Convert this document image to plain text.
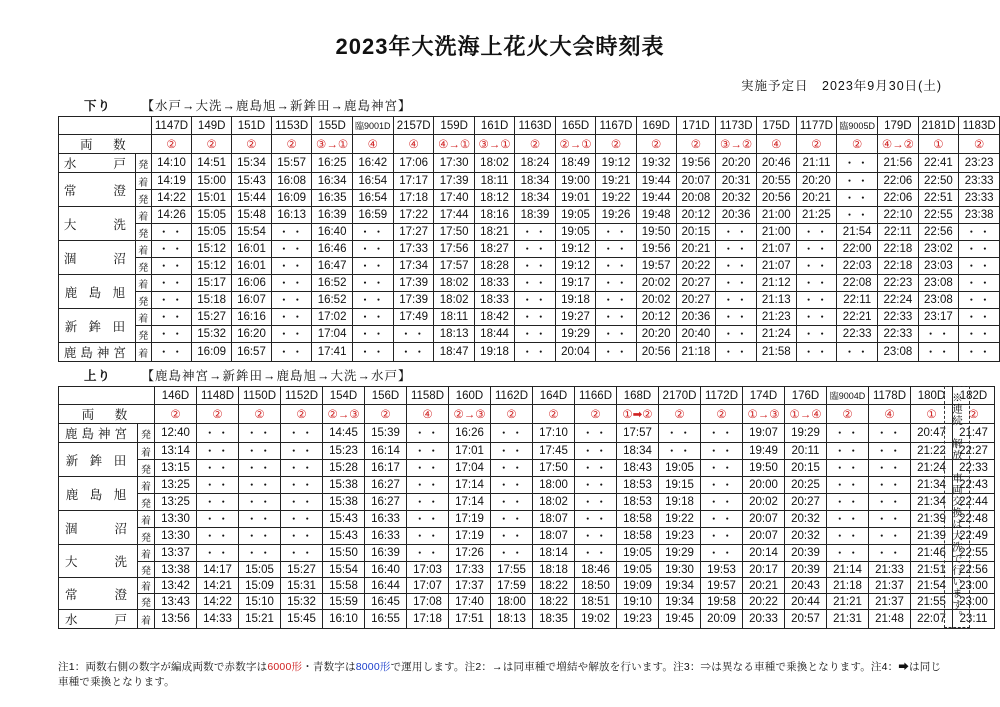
2023年大洗海上花火大会時刻表
実施予定日　2023年9月30日(土)
下り 【水戸→大洗→鹿島旭→新鉾田→鹿島神宮】
		1147D	149D	151D	1153D	155D	臨9001D	2157D	159D	161D	1163D	165D	1167D	169D	171D	1173D	175D	1177D	臨9005D	179D	2181D	1183D
両　数		②	②	②	②	③→①	④	④	④→①	③→①	②	②→①	②	②	②	③→②	④	②	②	④→②	①	②
水　　戸	発	14:10	14:51	15:34	15:57	16:25	16:42	17:06	17:30	18:02	18:24	18:49	19:12	19:32	19:56	20:20	20:46	21:11	・・	21:56	22:41	23:23
常　　澄	着	14:19	15:00	15:43	16:08	16:34	16:54	17:17	17:39	18:11	18:34	19:00	19:21	19:44	20:07	20:31	20:55	20:20	・・	22:06	22:50	23:33
	発	14:22	15:01	15:44	16:09	16:35	16:54	17:18	17:40	18:12	18:34	19:01	19:22	19:44	20:08	20:32	20:56	20:21	・・	22:06	22:51	23:33
大　　洗	着	14:26	15:05	15:48	16:13	16:39	16:59	17:22	17:44	18:16	18:39	19:05	19:26	19:48	20:12	20:36	21:00	21:25	・・	22:10	22:55	23:38
	発	・・	15:05	15:54	・・	16:40	・・	17:27	17:50	18:21	・・	19:05	・・	19:50	20:15	・・	21:00	・・	21:54	22:11	22:56	・・
涸　　沼	着	・・	15:12	16:01	・・	16:46	・・	17:33	17:56	18:27	・・	19:12	・・	19:56	20:21	・・	21:07	・・	22:00	22:18	23:02	・・
	発	・・	15:12	16:01	・・	16:47	・・	17:34	17:57	18:28	・・	19:12	・・	19:57	20:22	・・	21:07	・・	22:03	22:18	23:03	・・
鹿 島 旭	着	・・	15:17	16:06	・・	16:52	・・	17:39	18:02	18:33	・・	19:17	・・	20:02	20:27	・・	21:12	・・	22:08	22:23	23:08	・・
	発	・・	15:18	16:07	・・	16:52	・・	17:39	18:02	18:33	・・	19:18	・・	20:02	20:27	・・	21:13	・・	22:11	22:24	23:08	・・
新 鉾 田	着	・・	15:27	16:16	・・	17:02	・・	17:49	18:11	18:42	・・	19:27	・・	20:12	20:36	・・	21:23	・・	22:21	22:33	23:17	・・
	発	・・	15:32	16:20	・・	17:04	・・	・・	18:13	18:44	・・	19:29	・・	20:20	20:40	・・	21:24	・・	22:33	22:33	・・	・・
鹿島神宮	着	・・	16:09	16:57	・・	17:41	・・	・・	18:47	19:18	・・	20:04	・・	20:56	21:18	・・	21:58	・・	・・	23:08	・・	・・
上り 【鹿島神宮→新鉾田→鹿島旭→大洗→水戸】
		146D	1148D	1150D	1152D	154D	156D	1158D	160D	1162D	164D	1166D	168D	2170D	1172D	174D	176D	臨9004D	1178D	180D	182D
両　数		②	②	②	②	②→③	②	④	②→③	②	②	②	①➡②	②	②	①→③	①→④	②	④	①	②
鹿島神宮	発	12:40	・・	・・	・・	14:45	15:39	・・	16:26	・・	17:10	・・	17:57	・・	・・	19:07	19:29	・・	・・	20:47	21:47
新 鉾 田	着	13:14	・・	・・	・・	15:23	16:14	・・	17:01	・・	17:45	・・	18:34	・・	・・	19:49	20:11	・・	・・	21:22	22:27
	発	13:15	・・	・・	・・	15:28	16:17	・・	17:04	・・	17:50	・・	18:43	19:05	・・	19:50	20:15	・・	・・	21:24	22:33
鹿 島 旭	着	13:25	・・	・・	・・	15:38	16:27	・・	17:14	・・	18:00	・・	18:53	19:15	・・	20:00	20:25	・・	・・	21:34	22:43
	発	13:25	・・	・・	・・	15:38	16:27	・・	17:14	・・	18:02	・・	18:53	19:18	・・	20:02	20:27	・・	・・	21:34	22:44
涸　　沼	着	13:30	・・	・・	・・	15:43	16:33	・・	17:19	・・	18:07	・・	18:58	19:22	・・	20:07	20:32	・・	・・	21:39	22:48
	発	13:30	・・	・・	・・	15:43	16:33	・・	17:19	・・	18:07	・・	18:58	19:23	・・	20:07	20:32	・・	・・	21:39	22:49
大　　洗	着	13:37	・・	・・	・・	15:50	16:39	・・	17:26	・・	18:14	・・	19:05	19:29	・・	20:14	20:39	・・	・・	21:46	22:55
	発	13:38	14:17	15:05	15:27	15:54	16:40	17:03	17:33	17:55	18:18	18:46	19:05	19:30	19:53	20:17	20:39	21:14	21:33	21:51	22:56
常　　澄	着	13:42	14:21	15:09	15:31	15:58	16:44	17:07	17:37	17:59	18:22	18:50	19:09	19:34	19:57	20:21	20:43	21:18	21:37	21:54	23:00
	発	13:43	14:22	15:10	15:32	15:59	16:45	17:08	17:40	18:00	18:22	18:51	19:10	19:34	19:58	20:22	20:44	21:21	21:37	21:55	23:00
水　　戸	着	13:56	14:33	15:21	15:45	16:10	16:55	17:18	17:51	18:13	18:35	19:02	19:23	19:45	20:09	20:33	20:57	21:31	21:48	22:07	23:11
※連続　解放　車両交換は大洗で行います。
注1：両数右側の数字が編成両数で赤数字は6000形・青数字は8000形で運用します。注2：→は同車種で増結や解放を行います。注3：⇒は異なる車種で乗換となります。注4：➡は同じ車種で乗換となります。
